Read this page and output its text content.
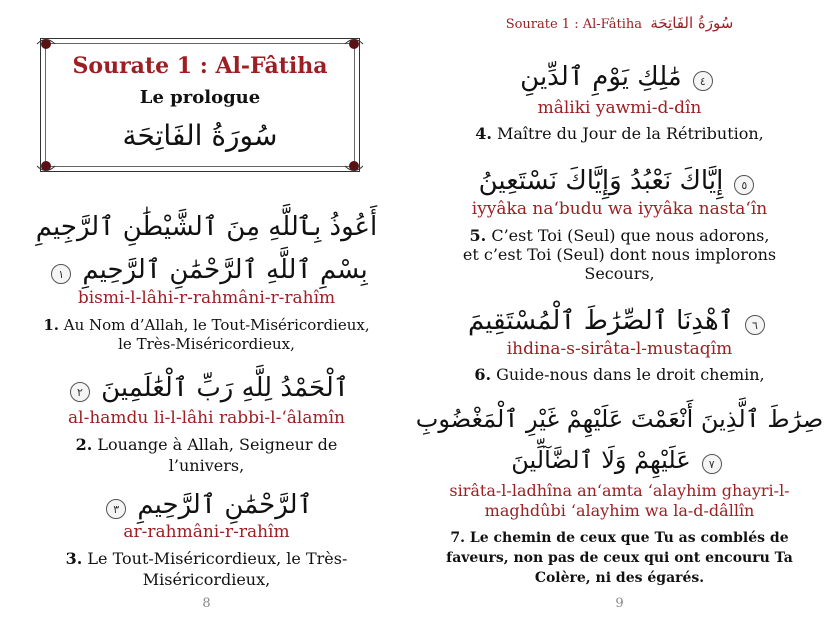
Sourate 1 : Al-Fâtiha
Le prologue
سُورَةُ الفَاتِحَة
أَعُوذُ بِٱللَّهِ مِنَ ٱلشَّيْطَٰنِ ٱلرَّجِيمِ
١ بِسْمِ ٱللَّهِ ٱلرَّحْمَٰنِ ٱلرَّحِيمِ
bismi-l-lâhi-r-rahmâni-r-rahîm
1. Au Nom d’Allah, le Tout-Miséricordieux,
le Très-Miséricordieux,
٢ ٱلْحَمْدُ لِلَّهِ رَبِّ ٱلْعَٰلَمِينَ
al-hamdu li-l-lâhi rabbi-l-‘âlamîn
2. Louange à Allah, Seigneur de
l’univers,
٣ ٱلرَّحْمَٰنِ ٱلرَّحِيمِ
ar-rahmâni-r-rahîm
3. Le Tout-Miséricordieux, le Très-
Miséricordieux,
8
Sourate 1 : Al-Fâtiha سُورَةُ الفَاتِحَة
مَٰلِكِ يَوْمِ ٱلدِّينِ ٤
mâliki yawmi-d-dîn
4. Maître du Jour de la Rétribution,
إِيَّاكَ نَعْبُدُ وَإِيَّاكَ نَسْتَعِينُ ٥
iyyâka na‘budu wa iyyâka nasta‘în
5. C’est Toi (Seul) que nous adorons,
et c’est Toi (Seul) dont nous implorons
Secours,
ٱهْدِنَا ٱلصِّرَٰطَ ٱلْمُسْتَقِيمَ ٦
ihdina-s-sirâta-l-mustaqîm
6. Guide-nous dans le droit chemin,
صِرَٰطَ ٱلَّذِينَ أَنْعَمْتَ عَلَيْهِمْ غَيْرِ ٱلْمَغْضُوبِ
عَلَيْهِمْ وَلَا ٱلضَّآلِّينَ ٧
sirâta-l-ladhîna an‘amta ‘alayhim ghayri-l-
maghdûbi ‘alayhim wa la-d-dâllîn
7. Le chemin de ceux que Tu as comblés de
faveurs, non pas de ceux qui ont encouru Ta
Colère, ni des égarés.
9
